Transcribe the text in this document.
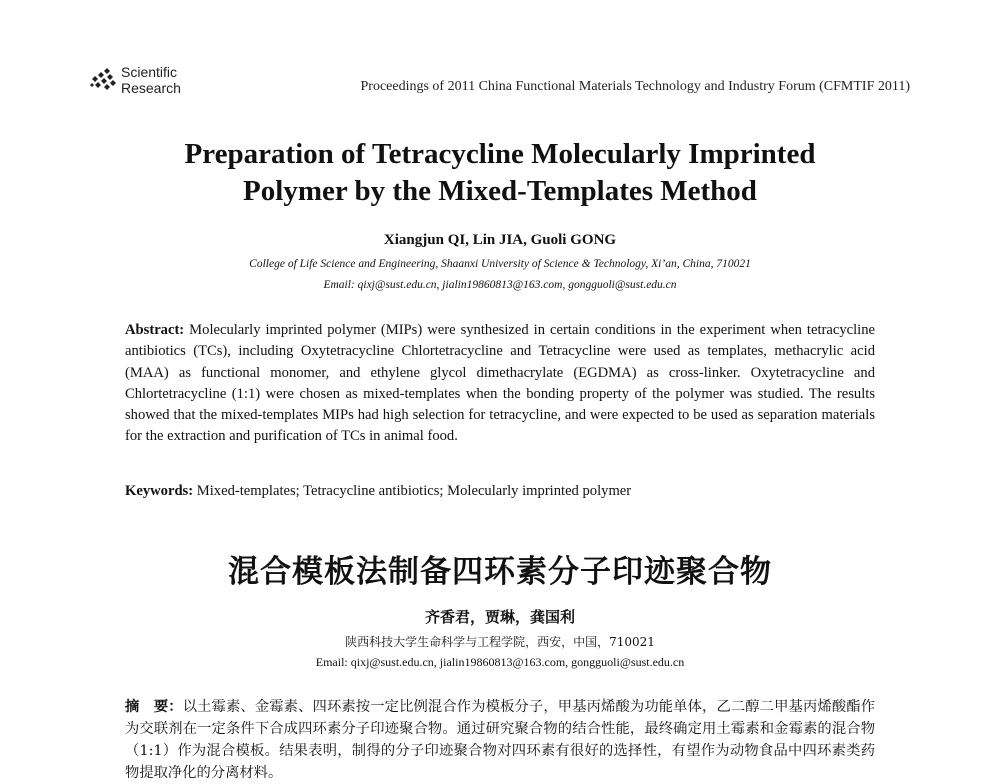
Scientific
Research	Proceedings of 2011 China Functional Materials Technology and Industry Forum (CFMTIF 2011)
Preparation of Tetracycline Molecularly Imprinted
Polymer by the Mixed-Templates Method
Xiangjun QI, Lin JIA, Guoli GONG
College of Life Science and Engineering, Shaanxi University of Science & Technology, Xi’an, China, 710021
Email: qixj@sust.edu.cn, jialin19860813@163.com, gongguoli@sust.edu.cn

Abstract: Molecularly imprinted polymer (MIPs) were synthesized in certain conditions in the experiment when tetracycline antibiotics (TCs), including Oxytetracycline Chlortetracycline and Tetracycline were used as templates, methacrylic acid (MAA) as functional monomer, and ethylene glycol dimethacrylate (EGDMA) as cross-linker. Oxytetracycline and Chlortetracycline (1:1) were chosen as mixed-templates when the bonding property of the polymer was studied. The results showed that the mixed-templates MIPs had high selection for tetracycline, and were expected to be used as separation materials for the extraction and purification of TCs in animal food.

Keywords: Mixed-templates; Tetracycline antibiotics; Molecularly imprinted polymer

混合模板法制备四环素分子印迹聚合物
齐香君，贾琳，龚国利
陕西科技大学生命科学与工程学院，西安，中国，710021
Email: qixj@sust.edu.cn, jialin19860813@163.com, gongguoli@sust.edu.cn

摘　要：以土霉素、金霉素、四环素按一定比例混合作为模板分子，甲基丙烯酸为功能单体，乙二醇二甲基丙烯酸酯作为交联剂在一定条件下合成四环素分子印迹聚合物。通过研究聚合物的结合性能，最终确定用土霉素和金霉素的混合物（1:1）作为混合模板。结果表明，制得的分子印迹聚合物对四环素有很好的选择性，有望作为动物食品中四环素类药物提取净化的分离材料。
